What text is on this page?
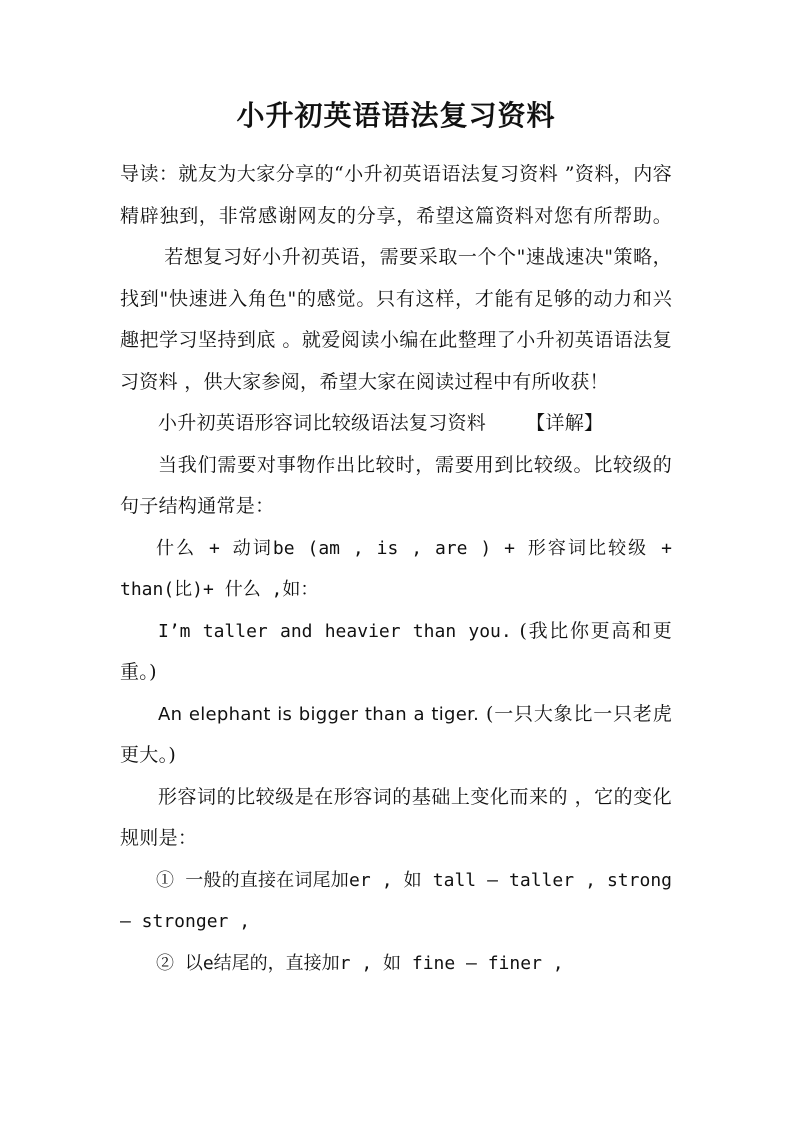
小升初英语语法复习资料

导读：就友为大家分享的“小升初英语语法复习资料 ”资料，内容精辟独到，非常感谢网友的分享，希望这篇资料对您有所帮助。若想复习好小升初英语，需要采取一个个"速战速决"策略，找到"快速进入角色"的感觉。只有这样，才能有足够的动力和兴趣把学习坚持到底 。就爱阅读小编在此整理了小升初英语语法复习资料 ，供大家参阅，希望大家在阅读过程中有所收获！

小升初英语形容词比较级语法复习资料 【详解】

当我们需要对事物作出比较时，需要用到比较级。比较级的句子结构通常是：

什么 + 动词be (am , is , are ) + 形容词比较级 + than(比)+ 什么 ,如：

I’m taller and heavier than you. (我比你更高和更重。)

An elephant is bigger than a tiger. (一只大象比一只老虎更大。)

形容词的比较级是在形容词的基础上变化而来的 ，它的变化规则是：

① 一般的直接在词尾加er , 如 tall – taller , strong – stronger ,

② 以e结尾的，直接加r , 如 fine – finer ,
